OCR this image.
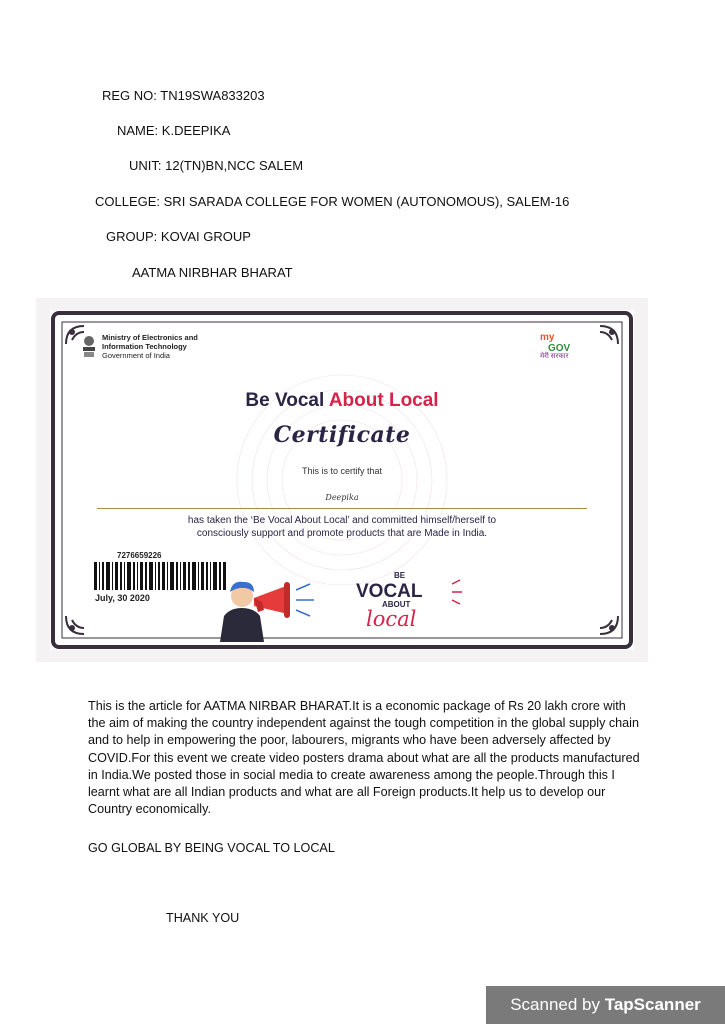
REG NO: TN19SWA833203
NAME: K.DEEPIKA
UNIT: 12(TN)BN,NCC SALEM
COLLEGE: SRI SARADA COLLEGE FOR WOMEN (AUTONOMOUS), SALEM-16
GROUP: KOVAI GROUP
AATMA NIRBHAR BHARAT
Ministry of Electronics and
Information Technology
Government of India
my
GOV
मेरी सरकार
Be Vocal About Local
Certificate
This is to certify that
Deepika
has taken the ‘Be Vocal About Local’ and committed himself/herself to
consciously support and promote products that are Made in India.
7276659226
July, 30 2020
BE
VOCAL
ABOUT
local
This is the article for AATMA NIRBAR BHARAT.It is a economic package of Rs 20 lakh crore with the aim of making the country independent against the tough competition in the global supply chain and to help in empowering the poor, labourers, migrants who have been adversely affected by COVID.For this event we create video posters drama about what are all the products manufactured in India.We posted those in social media to create awareness among the people.Through this I learnt what are all Indian products and what are all Foreign products.It help us to develop our Country economically.
GO GLOBAL BY BEING VOCAL TO LOCAL
THANK YOU
Scanned by TapScanner
